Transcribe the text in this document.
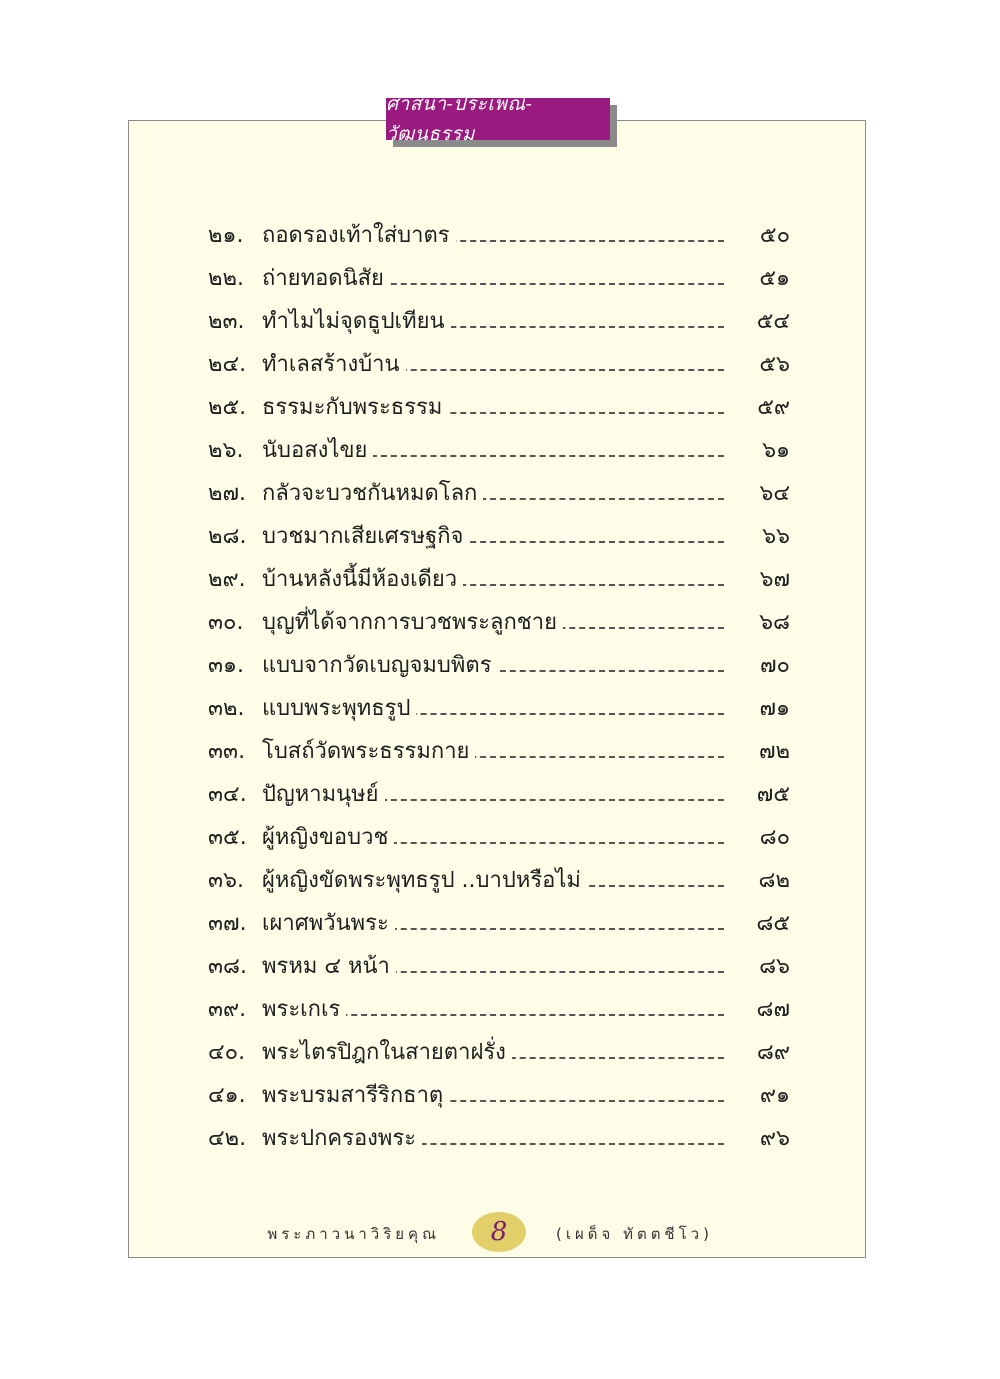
ศาสนา-ประเพณี-วัฒนธรรม
๒๑. ถอดรองเท้าใส่บาตร	๕๐
๒๒. ถ่ายทอดนิสัย	๕๑
๒๓. ทำไมไม่จุดธูปเทียน	๕๔
๒๔. ทำเลสร้างบ้าน	๕๖
๒๕. ธรรมะกับพระธรรม	๕๙
๒๖. นับอสงไขย	๖๑
๒๗. กลัวจะบวชกันหมดโลก	๖๔
๒๘. บวชมากเสียเศรษฐกิจ	๖๖
๒๙. บ้านหลังนี้มีห้องเดียว	๖๗
๓๐. บุญที่ได้จากการบวชพระลูกชาย	๖๘
๓๑. แบบจากวัดเบญจมบพิตร	๗๐
๓๒. แบบพระพุทธรูป	๗๑
๓๓. โบสถ์วัดพระธรรมกาย	๗๒
๓๔. ปัญหามนุษย์	๗๕
๓๕. ผู้หญิงขอบวช	๘๐
๓๖. ผู้หญิงขัดพระพุทธรูป ..บาปหรือไม่	๘๒
๓๗. เผาศพวันพระ	๘๕
๓๘. พรหม ๔ หน้า	๘๖
๓๙. พระเกเร	๘๗
๔๐. พระไตรปิฎกในสายตาฝรั่ง	๘๙
๔๑. พระบรมสารีริกธาตุ	๙๑
๔๒. พระปกครองพระ	๙๖
พระภาวนาวิริยคุณ	8	(เผด็จ ทัตตชีโว)
